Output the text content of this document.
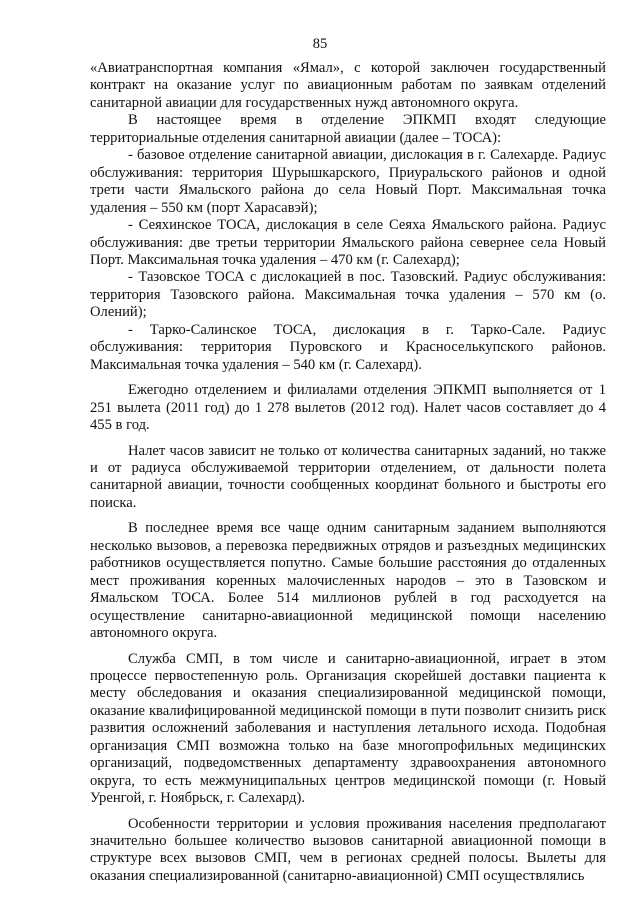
85

«Авиатранспортная компания «Ямал», с которой заключен государственный контракт на оказание услуг по авиационным работам по заявкам отделений санитарной авиации для государственных нужд автономного округа.

В настоящее время в отделение ЭПКМП входят следующие территориальные отделения санитарной авиации (далее – ТОСА):

- базовое отделение санитарной авиации, дислокация в г. Салехарде. Радиус обслуживания: территория Шурышкарского, Приуральского районов и одной трети части Ямальского района до села Новый Порт. Максимальная точка удаления – 550 км (порт Харасавэй);

- Сеяхинское ТОСА, дислокация в селе Сеяха Ямальского района. Радиус обслуживания: две третьи территории Ямальского района севернее села Новый Порт. Максимальная точка удаления – 470 км (г. Салехард);

- Тазовское ТОСА с дислокацией в пос. Тазовский. Радиус обслуживания: территория Тазовского района. Максимальная точка удаления – 570 км (о. Олений);

- Тарко-Салинское ТОСА, дислокация в г. Тарко-Сале. Радиус обслуживания: территория Пуровского и Красноселькупского районов. Максимальная точка удаления – 540 км (г. Салехард).

Ежегодно отделением и филиалами отделения ЭПКМП выполняется от 1 251 вылета (2011 год) до 1 278 вылетов (2012 год). Налет часов составляет до 4 455 в год.

Налет часов зависит не только от количества санитарных заданий, но также и от радиуса обслуживаемой территории отделением, от дальности полета санитарной авиации, точности сообщенных координат больного и быстроты его поиска.

В последнее время все чаще одним санитарным заданием выполняются несколько вызовов, а перевозка передвижных отрядов и разъездных медицинских работников осуществляется попутно. Самые большие расстояния до отдаленных мест проживания коренных малочисленных народов – это в Тазовском и Ямальском ТОСА. Более 514 миллионов рублей в год расходуется на осуществление санитарно-авиационной медицинской помощи населению автономного округа.

Служба СМП, в том числе и санитарно-авиационной, играет в этом процессе первостепенную роль. Организация скорейшей доставки пациента к месту обследования и оказания специализированной медицинской помощи, оказание квалифицированной медицинской помощи в пути позволит снизить риск развития осложнений заболевания и наступления летального исхода. Подобная организация СМП возможна только на базе многопрофильных медицинских организаций, подведомственных департаменту здравоохранения автономного округа, то есть межмуниципальных центров медицинской помощи (г. Новый Уренгой, г. Ноябрьск, г. Салехард).

Особенности территории и условия проживания населения предполагают значительно большее количество вызовов санитарной авиационной помощи в структуре всех вызовов СМП, чем в регионах средней полосы. Вылеты для оказания специализированной (санитарно-авиационной) СМП осуществлялись
